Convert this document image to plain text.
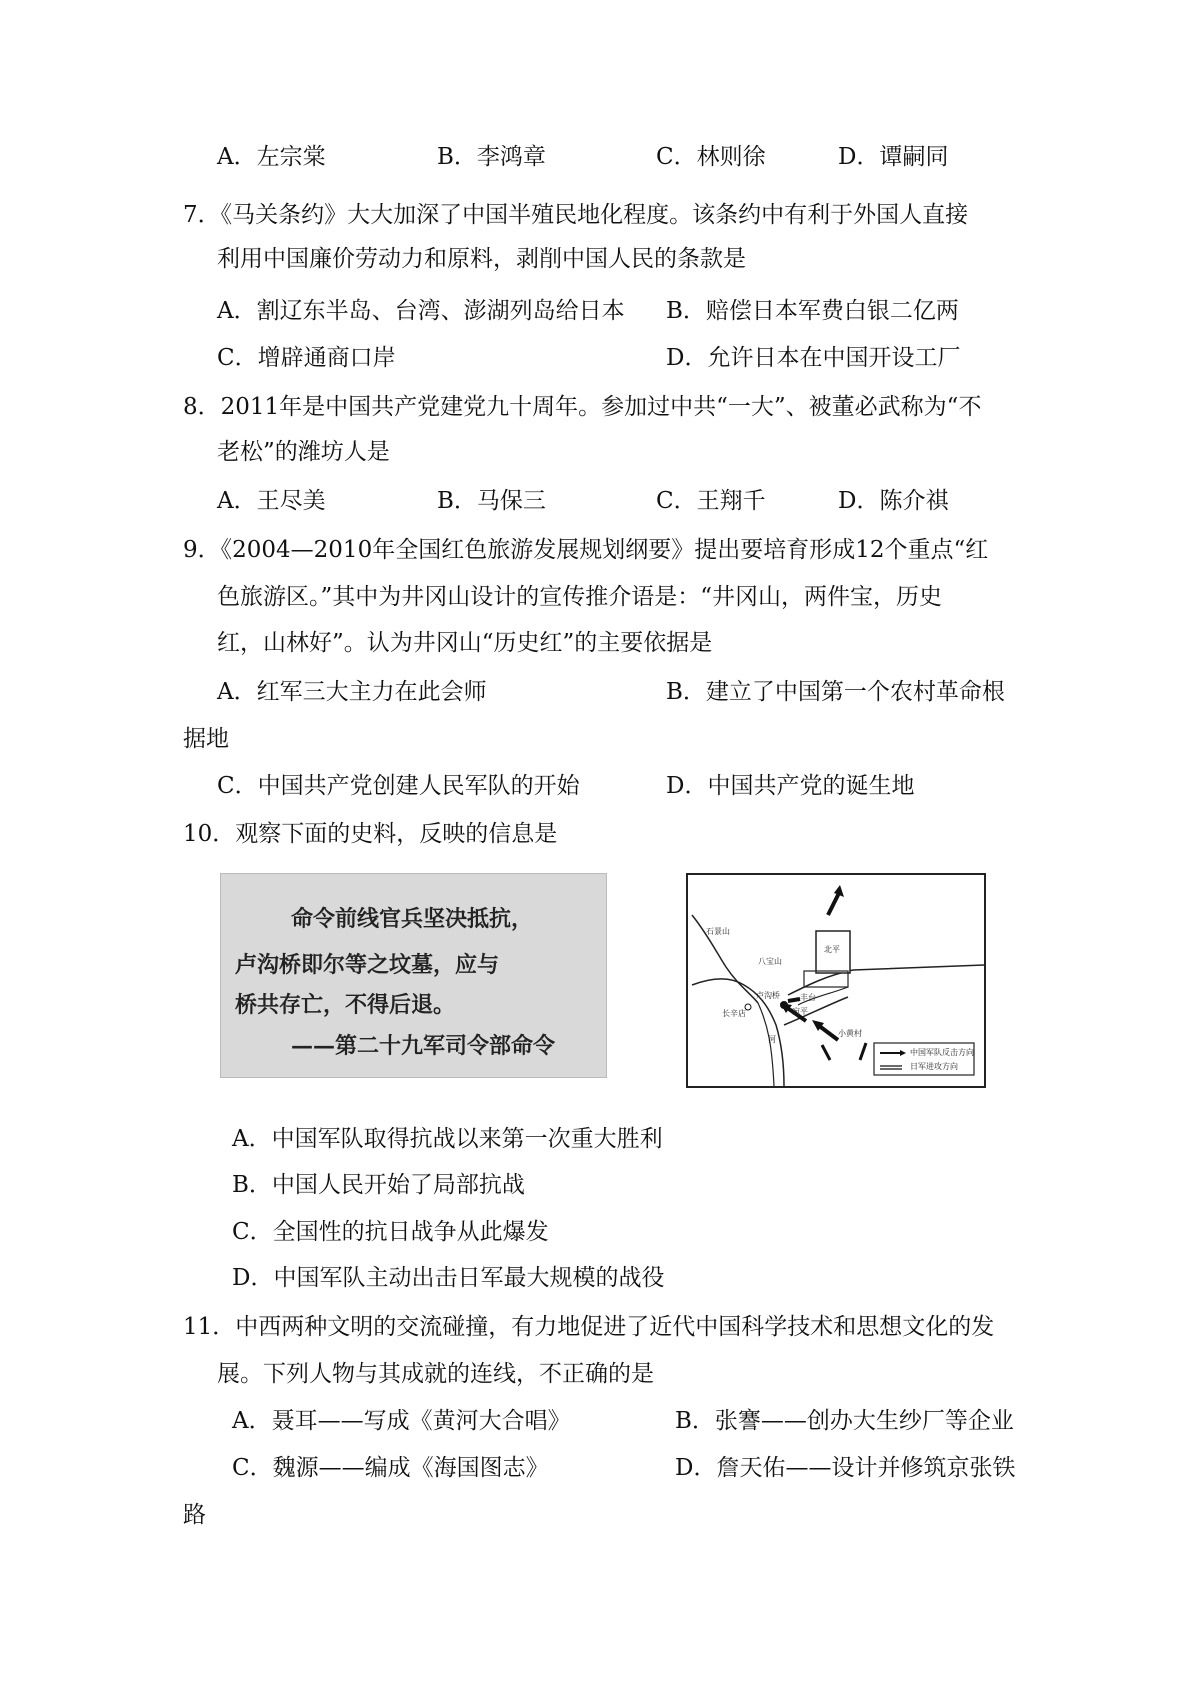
A．左宗棠	B．李鸿章	C．林则徐	D．谭嗣同
7．《马关条约》大大加深了中国半殖民地化程度。该条约中有利于外国人直接
利用中国廉价劳动力和原料，剥削中国人民的条款是
A．割辽东半岛、台湾、澎湖列岛给日本 B．赔偿日本军费白银二亿两
C．增辟通商口岸	D．允许日本在中国开设工厂
8．2011年是中国共产党建党九十周年。参加过中共“一大”、被董必武称为“不
老松”的潍坊人是
A．王尽美	B．马保三	C．王翔千	D．陈介祺
9．《2004—2010年全国红色旅游发展规划纲要》提出要培育形成12个重点“红
色旅游区。”其中为井冈山设计的宣传推介语是：“井冈山，两件宝，历史
红，山林好”。认为井冈山“历史红”的主要依据是
A．红军三大主力在此会师	B．建立了中国第一个农村革命根
据地
C．中国共产党创建人民军队的开始	D．中国共产党的诞生地
10．观察下面的史料，反映的信息是
命令前线官兵坚决抵抗，
卢沟桥即尔等之坟墓，应与
桥共存亡，不得后退。
——第二十九军司令部命令
北平
石景山
八宝山
卢沟桥
长辛店	宛平
丰台
小黄村
河
中国军队反击方向
日军进攻方向
A．中国军队取得抗战以来第一次重大胜利
B．中国人民开始了局部抗战
C．全国性的抗日战争从此爆发
D．中国军队主动出击日军最大规模的战役
11．中西两种文明的交流碰撞，有力地促进了近代中国科学技术和思想文化的发
展。下列人物与其成就的连线，不正确的是
A．聂耳——写成《黄河大合唱》	B．张謇——创办大生纱厂等企业
C．魏源——编成《海国图志》	D．詹天佑——设计并修筑京张铁
路
